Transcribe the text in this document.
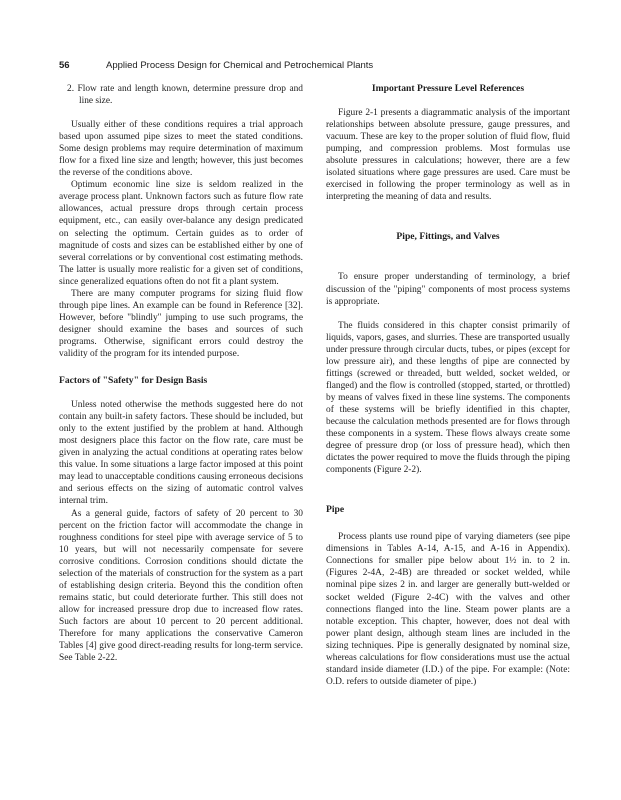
56	Applied Process Design for Chemical and Petrochemical Plants

2. Flow rate and length known, determine pressure drop and line size.

Usually either of these conditions requires a trial approach based upon assumed pipe sizes to meet the stated conditions. Some design problems may require determination of maximum flow for a fixed line size and length; however, this just becomes the reverse of the conditions above.

Optimum economic line size is seldom realized in the average process plant. Unknown factors such as future flow rate allowances, actual pressure drops through certain process equipment, etc., can easily over-balance any design predicated on selecting the optimum. Certain guides as to order of magnitude of costs and sizes can be established either by one of several correlations or by conventional cost estimating methods. The latter is usually more realistic for a given set of conditions, since generalized equations often do not fit a plant system.

There are many computer programs for sizing fluid flow through pipe lines. An example can be found in Reference [32]. However, before "blindly" jumping to use such programs, the designer should examine the bases and sources of such programs. Otherwise, significant errors could destroy the validity of the program for its intended purpose.

Factors of "Safety" for Design Basis

Unless noted otherwise the methods suggested here do not contain any built-in safety factors. These should be included, but only to the extent justified by the problem at hand. Although most designers place this factor on the flow rate, care must be given in analyzing the actual conditions at operating rates below this value. In some situations a large factor imposed at this point may lead to unacceptable conditions causing erroneous decisions and serious effects on the sizing of automatic control valves internal trim.

As a general guide, factors of safety of 20 percent to 30 percent on the friction factor will accommodate the change in roughness conditions for steel pipe with average service of 5 to 10 years, but will not necessarily compensate for severe corrosive conditions. Corrosion conditions should dictate the selection of the materials of construction for the system as a part of establishing design criteria. Beyond this the condition often remains static, but could deteriorate further. This still does not allow for increased pressure drop due to increased flow rates. Such factors are about 10 percent to 20 percent additional. Therefore for many applications the conservative Cameron Tables [4] give good direct-reading results for long-term service. See Table 2-22.

Important Pressure Level References

Figure 2-1 presents a diagrammatic analysis of the important relationships between absolute pressure, gauge pressures, and vacuum. These are key to the proper solution of fluid flow, fluid pumping, and compression problems. Most formulas use absolute pressures in calculations; however, there are a few isolated situations where gage pressures are used. Care must be exercised in following the proper terminology as well as in interpreting the meaning of data and results.

Pipe, Fittings, and Valves

To ensure proper understanding of terminology, a brief discussion of the "piping" components of most process systems is appropriate.

The fluids considered in this chapter consist primarily of liquids, vapors, gases, and slurries. These are transported usually under pressure through circular ducts, tubes, or pipes (except for low pressure air), and these lengths of pipe are connected by fittings (screwed or threaded, butt welded, socket welded, or flanged) and the flow is controlled (stopped, started, or throttled) by means of valves fixed in these line systems. The components of these systems will be briefly identified in this chapter, because the calculation methods presented are for flows through these components in a system. These flows always create some degree of pressure drop (or loss of pressure head), which then dictates the power required to move the fluids through the piping components (Figure 2-2).

Pipe

Process plants use round pipe of varying diameters (see pipe dimensions in Tables A-14, A-15, and A-16 in Appendix). Connections for smaller pipe below about 1½ in. to 2 in. (Figures 2-4A, 2-4B) are threaded or socket welded, while nominal pipe sizes 2 in. and larger are generally butt-welded or socket welded (Figure 2-4C) with the valves and other connections flanged into the line. Steam power plants are a notable exception. This chapter, however, does not deal with power plant design, although steam lines are included in the sizing techniques. Pipe is generally designated by nominal size, whereas calculations for flow considerations must use the actual standard inside diameter (I.D.) of the pipe. For example: (Note: O.D. refers to outside diameter of pipe.)
